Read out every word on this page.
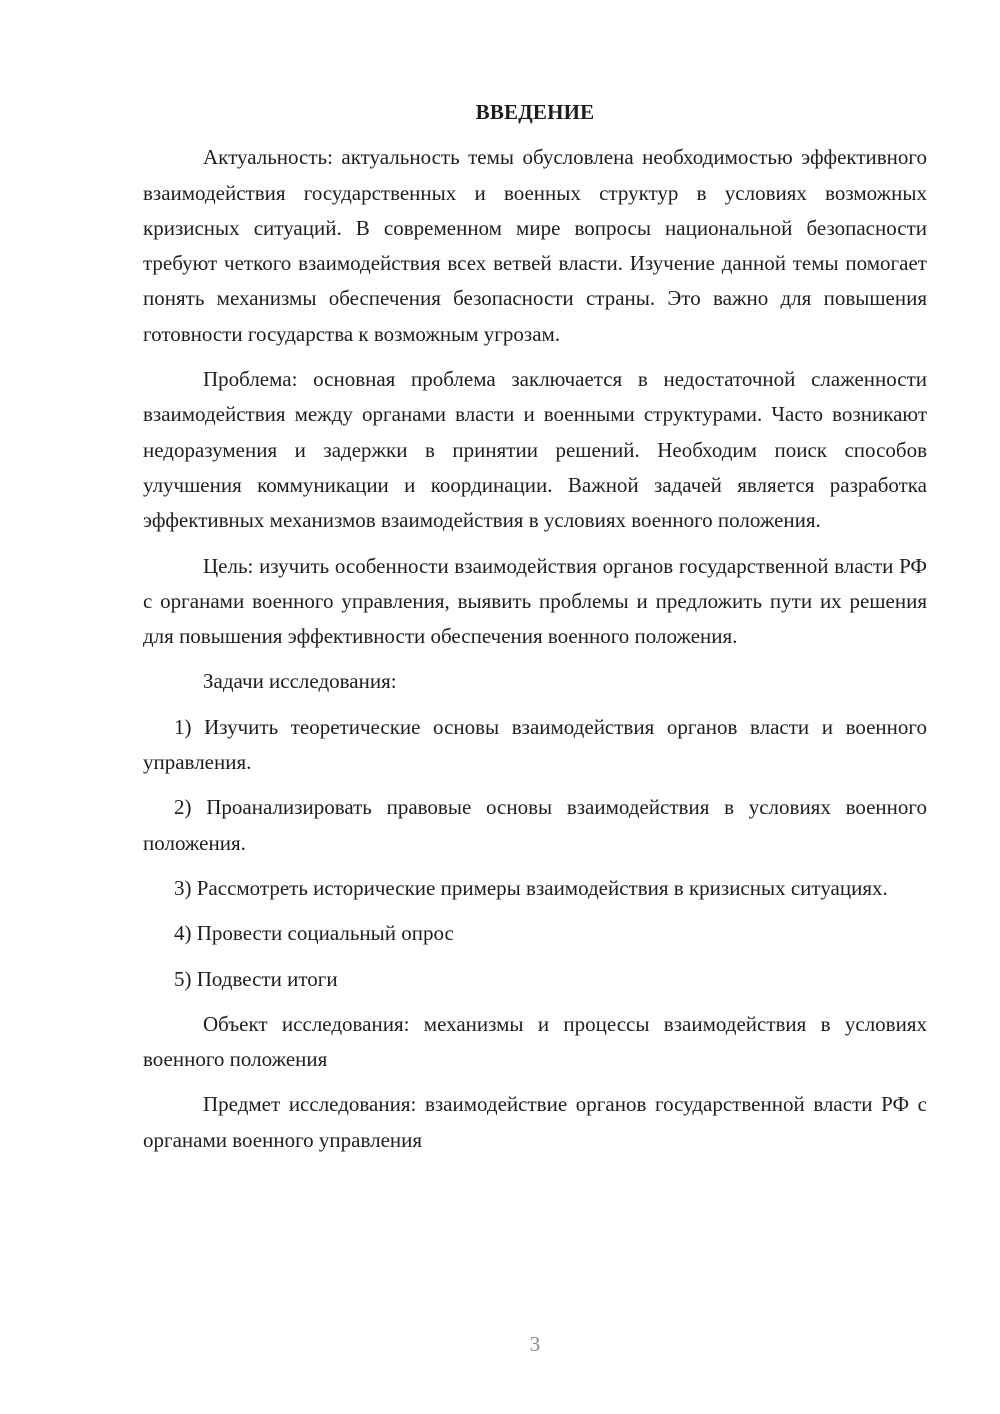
ВВЕДЕНИЕ

Актуальность: актуальность темы обусловлена необходимостью эффективного взаимодействия государственных и военных структур в условиях возможных кризисных ситуаций. В современном мире вопросы национальной безопасности требуют четкого взаимодействия всех ветвей власти. Изучение данной темы помогает понять механизмы обеспечения безопасности страны. Это важно для повышения готовности государства к возможным угрозам.

Проблема: основная проблема заключается в недостаточной слаженности взаимодействия между органами власти и военными структурами. Часто возникают недоразумения и задержки в принятии решений. Необходим поиск способов улучшения коммуникации и координации. Важной задачей является разработка эффективных механизмов взаимодействия в условиях военного положения.

Цель: изучить особенности взаимодействия органов государственной власти РФ с органами военного управления, выявить проблемы и предложить пути их решения для повышения эффективности обеспечения военного положения.

Задачи исследования:

1) Изучить теоретические основы взаимодействия органов власти и военного управления.

2) Проанализировать правовые основы взаимодействия в условиях военного положения.

3) Рассмотреть исторические примеры взаимодействия в кризисных ситуациях.

4) Провести социальный опрос

5) Подвести итоги

Объект исследования: механизмы и процессы взаимодействия в условиях военного положения

Предмет исследования: взаимодействие органов государственной власти РФ с органами военного управления

3
